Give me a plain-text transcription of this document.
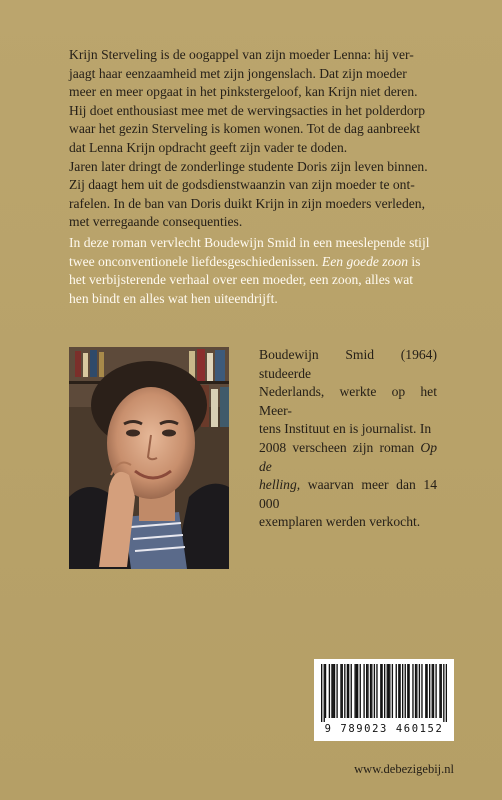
Krijn Sterveling is de oogappel van zijn moeder Lenna: hij ver-
jaagt haar eenzaamheid met zijn jongenslach. Dat zijn moeder
meer en meer opgaat in het pinkstergeloof, kan Krijn niet deren.
Hij doet enthousiast mee met de wervingsacties in het polderdorp
waar het gezin Sterveling is komen wonen. Tot de dag aanbreekt
dat Lenna Krijn opdracht geeft zijn vader te doden.
Jaren later dringt de zonderlinge studente Doris zijn leven binnen.
Zij daagt hem uit de godsdienstwaanzin van zijn moeder te ont-
rafelen. In de ban van Doris duikt Krijn in zijn moeders verleden,
met verregaande consequenties.
In deze roman vervlecht Boudewijn Smid in een meeslepende stijl
twee onconventionele liefdesgeschiedenissen. Een goede zoon is
het verbijsterende verhaal over een moeder, een zoon, alles wat
hen bindt en alles wat hen uiteendrijft.
Boudewijn Smid (1964) studeerde
Nederlands, werkte op het Meer-
tens Instituut en is journalist. In
2008 verscheen zijn roman Op de
helling, waarvan meer dan 14 000
exemplaren werden verkocht.
9 789023 460152
www.debezigebij.nl
